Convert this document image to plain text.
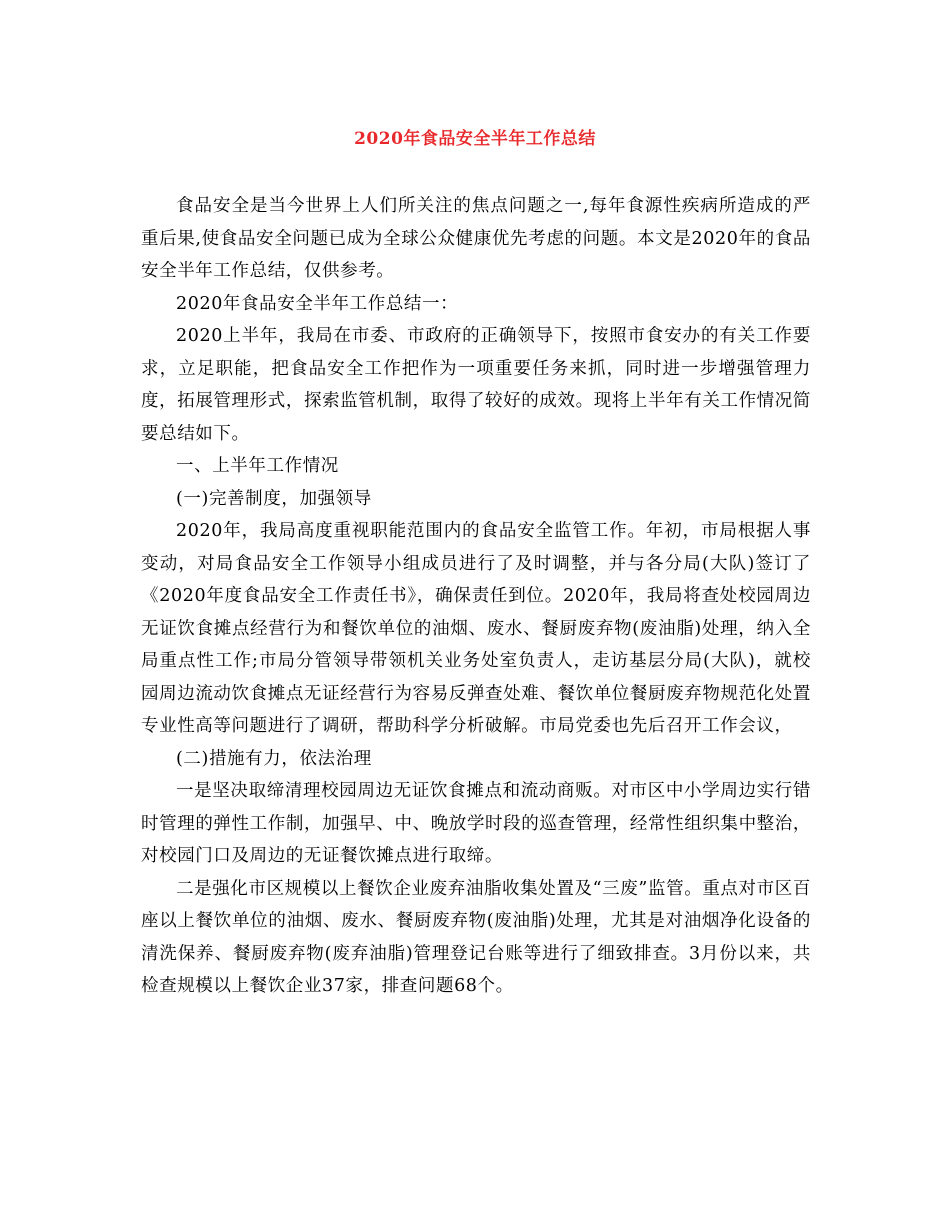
2020年食品安全半年工作总结

食品安全是当今世界上人们所关注的焦点问题之一,每年食源性疾病所造成的严重后果,使食品安全问题已成为全球公众健康优先考虑的问题。本文是2020年的食品安全半年工作总结，仅供参考。

2020年食品安全半年工作总结一：

2020上半年，我局在市委、市政府的正确领导下，按照市食安办的有关工作要求，立足职能，把食品安全工作把作为一项重要任务来抓，同时进一步增强管理力度，拓展管理形式，探索监管机制，取得了较好的成效。现将上半年有关工作情况简要总结如下。

一、上半年工作情况

(一)完善制度，加强领导

2020年，我局高度重视职能范围内的食品安全监管工作。年初，市局根据人事变动，对局食品安全工作领导小组成员进行了及时调整，并与各分局(大队)签订了《2020年度食品安全工作责任书》，确保责任到位。2020年，我局将查处校园周边无证饮食摊点经营行为和餐饮单位的油烟、废水、餐厨废弃物(废油脂)处理，纳入全局重点性工作;市局分管领导带领机关业务处室负责人，走访基层分局(大队)，就校园周边流动饮食摊点无证经营行为容易反弹查处难、餐饮单位餐厨废弃物规范化处置专业性高等问题进行了调研，帮助科学分析破解。市局党委也先后召开工作会议，

(二)措施有力，依法治理

一是坚决取缔清理校园周边无证饮食摊点和流动商贩。对市区中小学周边实行错时管理的弹性工作制，加强早、中、晚放学时段的巡查管理，经常性组织集中整治，对校园门口及周边的无证餐饮摊点进行取缔。

二是强化市区规模以上餐饮企业废弃油脂收集处置及“三废”监管。重点对市区百座以上餐饮单位的油烟、废水、餐厨废弃物(废油脂)处理，尤其是对油烟净化设备的清洗保养、餐厨废弃物(废弃油脂)管理登记台账等进行了细致排查。3月份以来，共检查规模以上餐饮企业37家，排查问题68个。
